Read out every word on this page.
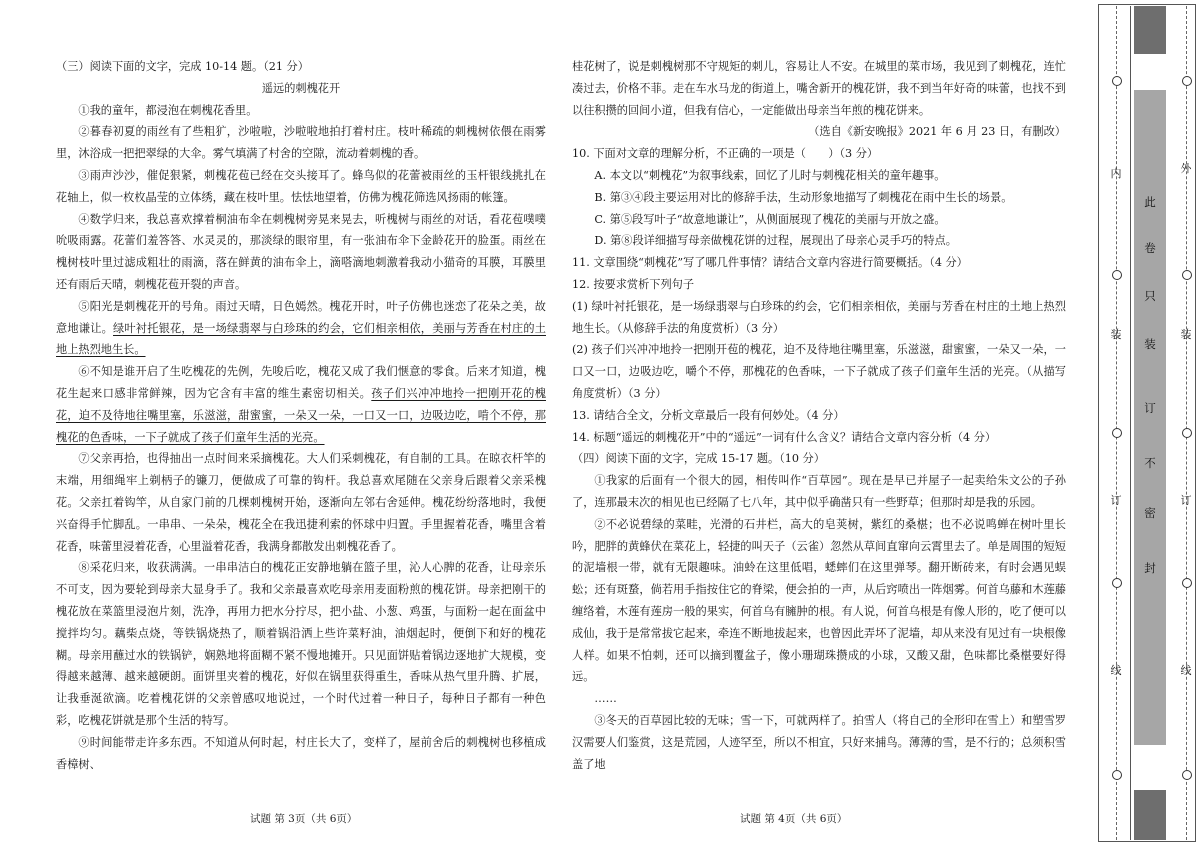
（三）阅读下面的文字，完成 10-14 题。（21 分）

遥远的刺槐花开

①我的童年，都浸泡在刺槐花香里。

②暮春初夏的雨丝有了些粗犷，沙啦啦，沙啦啦地拍打着村庄。枝叶稀疏的刺槐树依偎在雨雾里，沐浴成一把把翠绿的大伞。雾气填满了村舍的空隙，流动着刺槐的香。

③雨声沙沙，催促狠紧，刺槐花苞已经在交头接耳了。蜂鸟似的花蕾被雨丝的玉杆银线挑扎在花轴上，似一枚枚晶莹的立体绣，藏在枝叶里。怯怯地望着，仿佛为槐花筛选风扬雨的帐篷。

④数学归来，我总喜欢撑着桐油布伞在刺槐树旁晃来晃去，听槐树与雨丝的对话，看花苞噗噗吮吸雨露。花蕾们羞答答、水灵灵的，那淡绿的眼帘里，有一张油布伞下金龄花开的脸蛋。雨丝在槐树枝叶里过滤成粗壮的雨滴，落在鲜黄的油布伞上，滴嗒滴地刺激着我动小猫奇的耳膜，耳膜里还有雨后天晴，刺槐花苞开裂的声音。

⑤阳光是刺槐花开的号角。雨过天晴，日色嫣然。槐花开时，叶子仿佛也迷恋了花朵之美，故意地谦让。绿叶衬托银花，是一场绿翡翠与白珍珠的约会，它们相亲相依，美丽与芳香在村庄的土地上热烈地生长。

⑥不知是谁开启了生吃槐花的先例，先唆后吃，槐花又成了我们惬意的零食。后来才知道，槐花生起来口感非常鲜辣，因为它含有丰富的维生素密切相关。孩子们兴冲冲地拎一把刚开花的槐花，迫不及待地往嘴里塞，乐滋滋，甜蜜蜜，一朵又一朵，一口又一口，边吸边吃，啃个不停，那槐花的色香味，一下子就成了孩子们童年生活的光亮。

⑦父亲再拾，也得抽出一点时间来采摘槐花。大人们采刺槐花，有自制的工具。在晾衣杆竿的末端，用细绳牢上剃柄子的镰刀，便做成了可靠的钩杆。我总喜欢尾随在父亲身后跟着父亲采槐花。父亲扛着钩竿，从自家门前的几棵刺槐树开始，逐渐向左邻右舍延伸。槐花纷纷落地时，我便兴奋得手忙脚乱。一串串、一朵朵，槐花全在我迅捷利索的怀球中归置。手里握着花香，嘴里含着花香，味蕾里浸着花香，心里溢着花香，我满身都散发出刺槐花香了。

⑧采花归来，收获满满。一串串洁白的槐花正安静地躺在篮子里，沁人心脾的花香，让母亲乐不可支，因为要轮到母亲大显身手了。我和父亲最喜欢吃母亲用麦面粉煎的槐花饼。母亲把刚干的槐花放在菜篮里浸泡片刻，洗净，再用力把水分拧尽，把小盐、小葱、鸡蛋，与面粉一起在面盆中搅拌均匀。藕柴点烧，等铁锅烧热了，顺着锅沿洒上些许菜籽油，油烟起时，便倒下和好的槐花糊。母亲用蘸过水的铁锅铲，娴熟地将面糊不紧不慢地摊开。只见面饼贴着锅边逐地扩大规模，变得越来越薄、越来越硬朗。面饼里夹着的槐花，好似在锅里获得重生，香味从热气里升腾、扩展，让我垂涎欲滴。吃着槐花饼的父亲曾感叹地说过，一个时代过着一种日子，每种日子都有一种色彩，吃槐花饼就是那个生活的特写。

⑨时间能带走许多东西。不知道从何时起，村庄长大了，变样了，屋前舍后的刺槐树也移植成香樟树、

桂花树了，说是刺槐树那不守规矩的刺儿，容易让人不安。在城里的菜市场，我见到了刺槐花，连忙凑过去，价格不菲。走在车水马龙的街道上，嘴舍新开的槐花饼，我不到当年好奇的味蕾，也找不到以往积攒的回间小道，但我有信心，一定能做出母亲当年煎的槐花饼来。

（选自《新安晚报》2021 年 6 月 23 日，有删改）

10. 下面对文章的理解分析，不正确的一项是（　　）（3 分）

A. 本文以“刺槐花”为叙事线索，回忆了儿时与刺槐花相关的童年趣事。

B. 第③④段主要运用对比的修辞手法，生动形象地描写了刺槐花在雨中生长的场景。

C. 第⑤段写叶子“故意地谦让”，从侧面展现了槐花的美丽与开放之盛。

D. 第⑧段详细描写母亲做槐花饼的过程，展现出了母亲心灵手巧的特点。

11. 文章围绕“刺槐花”写了哪几件事情？请结合文章内容进行简要概括。（4 分）

12. 按要求赏析下列句子

(1) 绿叶衬托银花，是一场绿翡翠与白珍珠的约会，它们相亲相依，美丽与芳香在村庄的土地上热烈地生长。（从修辞手法的角度赏析）（3 分）

(2) 孩子们兴冲冲地拎一把刚开苞的槐花，迫不及待地往嘴里塞，乐滋滋，甜蜜蜜，一朵又一朵，一口又一口，边吸边吃，嚼个不停，那槐花的色香味，一下子就成了孩子们童年生活的光亮。（从描写角度赏析）（3 分）

13. 请结合全文，分析文章最后一段有何妙处。（4 分）

14. 标题“遥远的刺槐花开”中的“遥远”一词有什么含义？请结合文章内容分析（4 分）

（四）阅读下面的文字，完成 15-17 题。（10 分）

①我家的后面有一个很大的园，相传叫作“百草园”。现在是早已并屋子一起卖给朱文公的子孙了，连那最末次的相见也已经隔了七八年，其中似乎确凿只有一些野草；但那时却是我的乐园。

②不必说碧绿的菜畦，光滑的石井栏，高大的皂荚树，紫红的桑椹；也不必说鸣蝉在树叶里长吟，肥胖的黄蜂伏在菜花上，轻捷的叫天子（云雀）忽然从草间直窜向云霄里去了。单是周围的短短的泥墙根一带，就有无限趣味。油蛉在这里低唱，蟋蟀们在这里弹琴。翻开断砖来，有时会遇见蜈蚣；还有斑蝥，倘若用手指按住它的脊梁，便会拍的一声，从后窍喷出一阵烟雾。何首乌藤和木莲藤缠络着，木莲有莲房一般的果实，何首乌有臃肿的根。有人说，何首乌根是有像人形的，吃了便可以成仙，我于是常常拔它起来，牵连不断地拔起来，也曾因此弄坏了泥墙，却从来没有见过有一块根像人样。如果不怕刺，还可以摘到覆盆子，像小珊瑚珠攒成的小球，又酸又甜，色味都比桑椹要好得远。

……

③冬天的百草园比较的无味；雪一下，可就两样了。拍雪人（将自己的全形印在雪上）和塑雪罗汉需要人们鉴赏，这是荒园，人迹罕至，所以不相宜，只好来捕鸟。薄薄的雪，是不行的；总须积雪盖了地

试题 第 3页（共 6页）	试题 第 4页（共 6页）
内
装
订
线
外
装
订
线
此
卷
只
装
订
不
密
封
